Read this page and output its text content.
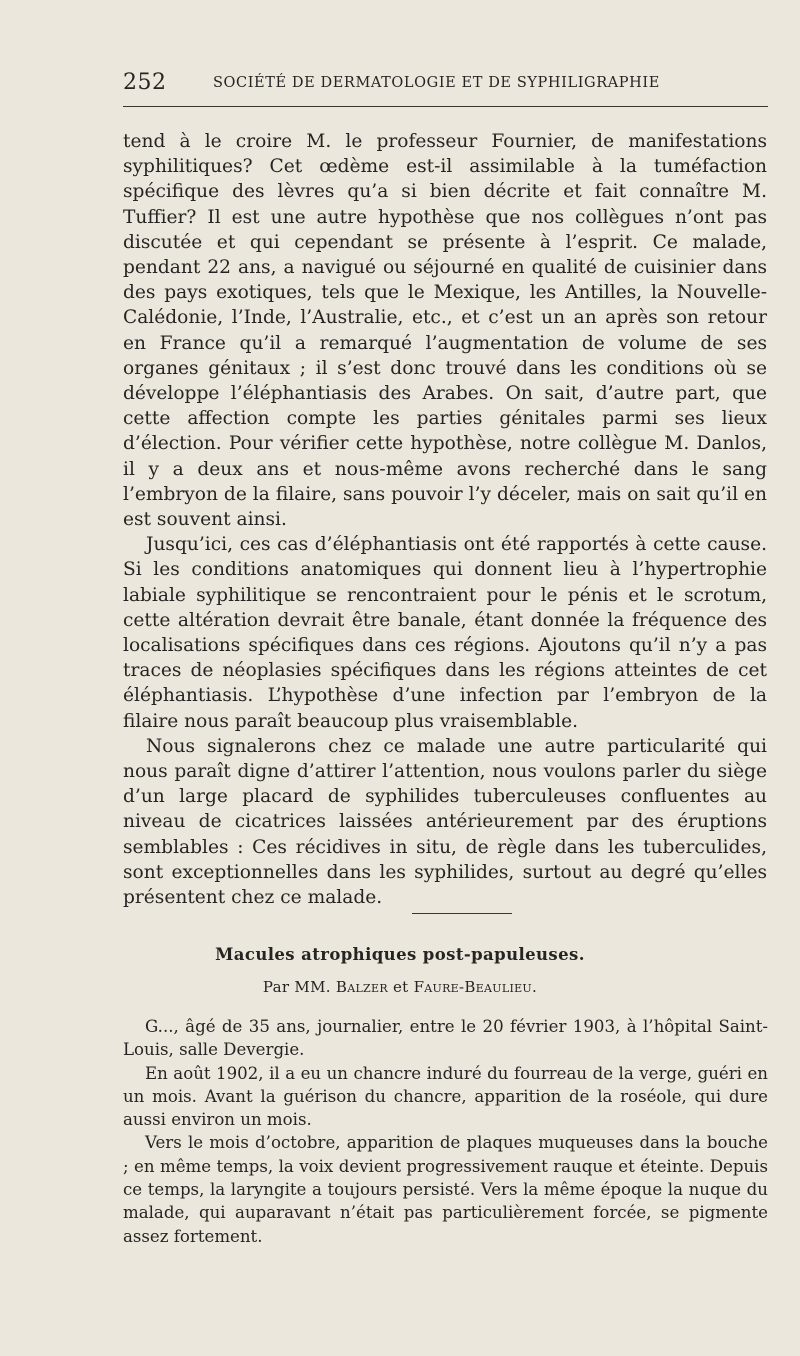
252	SOCIÉTÉ DE DERMATOLOGIE ET DE SYPHILIGRAPHIE

tend à le croire M. le professeur Fournier, de manifestations syphilitiques? Cet œdème est-il assimilable à la tuméfaction spécifique des lèvres qu’a si bien décrite et fait connaître M. Tuffier? Il est une autre hypothèse que nos collègues n’ont pas discutée et qui cependant se présente à l’esprit. Ce malade, pendant 22 ans, a navigué ou séjourné en qualité de cuisinier dans des pays exotiques, tels que le Mexique, les Antilles, la Nouvelle-Calédonie, l’Inde, l’Australie, etc., et c’est un an après son retour en France qu’il a remarqué l’augmentation de volume de ses organes génitaux ; il s’est donc trouvé dans les conditions où se développe l’éléphantiasis des Arabes. On sait, d’autre part, que cette affection compte les parties génitales parmi ses lieux d’élection. Pour vérifier cette hypothèse, notre collègue M. Danlos, il y a deux ans et nous-même avons recherché dans le sang l’embryon de la filaire, sans pouvoir l’y déceler, mais on sait qu’il en est souvent ainsi.

Jusqu’ici, ces cas d’éléphantiasis ont été rapportés à cette cause. Si les conditions anatomiques qui donnent lieu à l’hypertrophie labiale syphilitique se rencontraient pour le pénis et le scrotum, cette altération devrait être banale, étant donnée la fréquence des localisations spécifiques dans ces régions. Ajoutons qu’il n’y a pas traces de néoplasies spécifiques dans les régions atteintes de cet éléphantiasis. L’hypothèse d’une infection par l’embryon de la filaire nous paraît beaucoup plus vraisemblable.

Nous signalerons chez ce malade une autre particularité qui nous paraît digne d’attirer l’attention, nous voulons parler du siège d’un large placard de syphilides tuberculeuses confluentes au niveau de cicatrices laissées antérieurement par des éruptions semblables : Ces récidives in situ, de règle dans les tuberculides, sont exceptionnelles dans les syphilides, surtout au degré qu’elles présentent chez ce malade.

Macules atrophiques post-papuleuses.
Par MM. Balzer et Faure-Beaulieu.

G..., âgé de 35 ans, journalier, entre le 20 février 1903, à l’hôpital Saint-Louis, salle Devergie.

En août 1902, il a eu un chancre induré du fourreau de la verge, guéri en un mois. Avant la guérison du chancre, apparition de la roséole, qui dure aussi environ un mois.

Vers le mois d’octobre, apparition de plaques muqueuses dans la bouche ; en même temps, la voix devient progressivement rauque et éteinte. Depuis ce temps, la laryngite a toujours persisté. Vers la même époque la nuque du malade, qui auparavant n’était pas particulièrement forcée, se pigmente assez fortement.
